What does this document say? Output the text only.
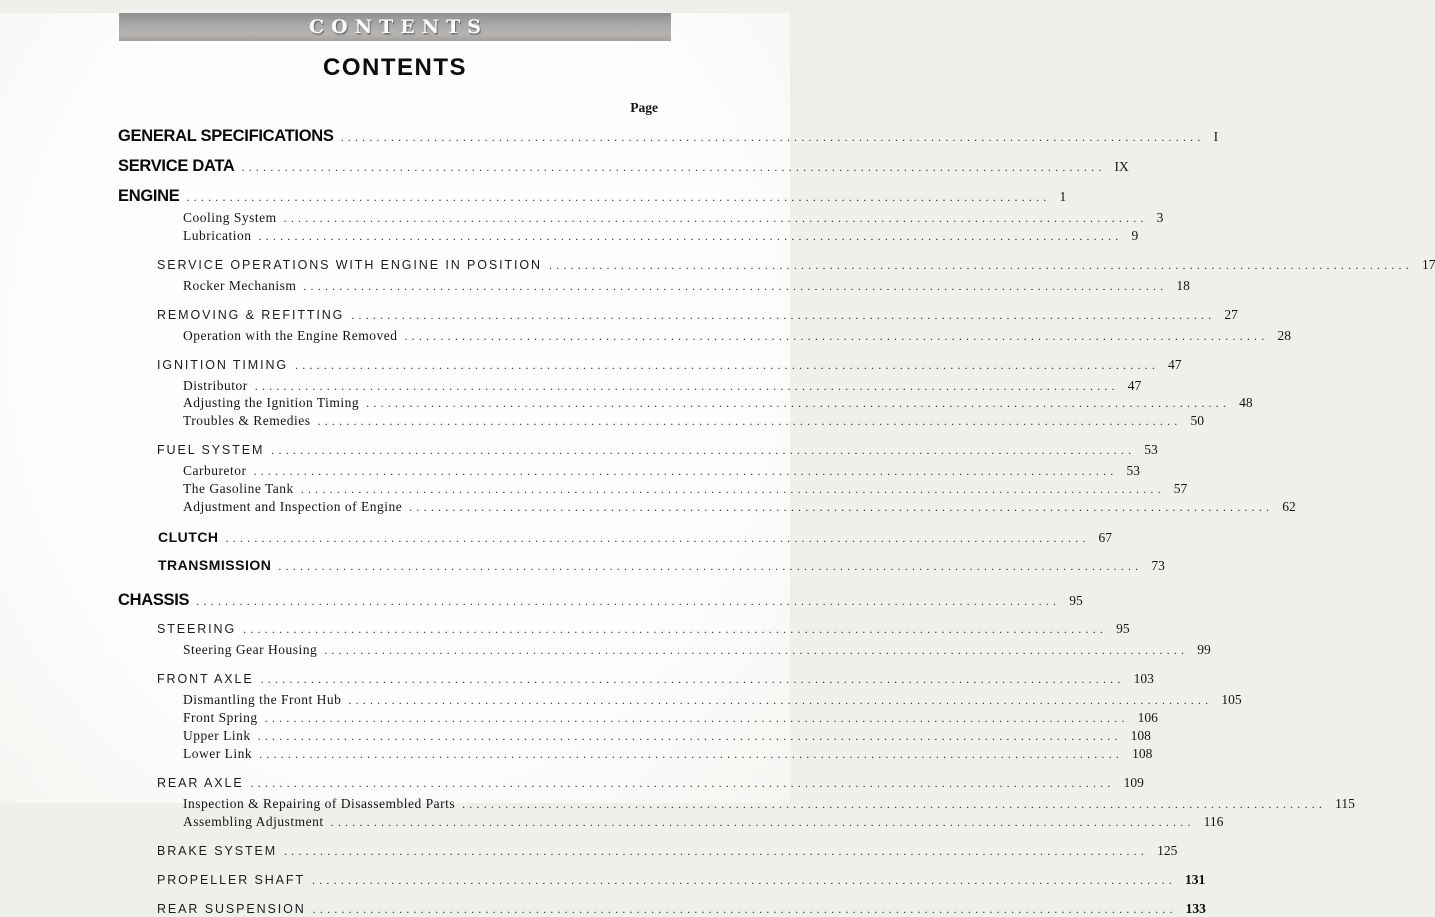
CONTENTS
CONTENTS
Page
GENERAL SPECIFICATIONS .....	I
SERVICE DATA .....	IX
ENGINE .....	1
Cooling System .....	3
Lubrication .....	9
SERVICE OPERATIONS WITH ENGINE IN POSITION .....	17
Rocker Mechanism .....	18
REMOVING & REFITTING .....	27
Operation with the Engine Removed .....	28
IGNITION TIMING .....	47
Distributor .....	47
Adjusting the Ignition Timing .....	48
Troubles & Remedies .....	50
FUEL SYSTEM .....	53
Carburetor .....	53
The Gasoline Tank .....	57
Adjustment and Inspection of Engine .....	62
CLUTCH .....	67
TRANSMISSION .....	73
CHASSIS .....	95
STEERING .....	95
Steering Gear Housing .....	99
FRONT AXLE .....	103
Dismantling the Front Hub .....	105
Front Spring .....	106
Upper Link .....	108
Lower Link .....	108
REAR AXLE .....	109
Inspection & Repairing of Disassembled Parts .....	115
Assembling Adjustment .....	116
BRAKE SYSTEM .....	125
PROPELLER SHAFT .....	131
REAR SUSPENSION .....	133
